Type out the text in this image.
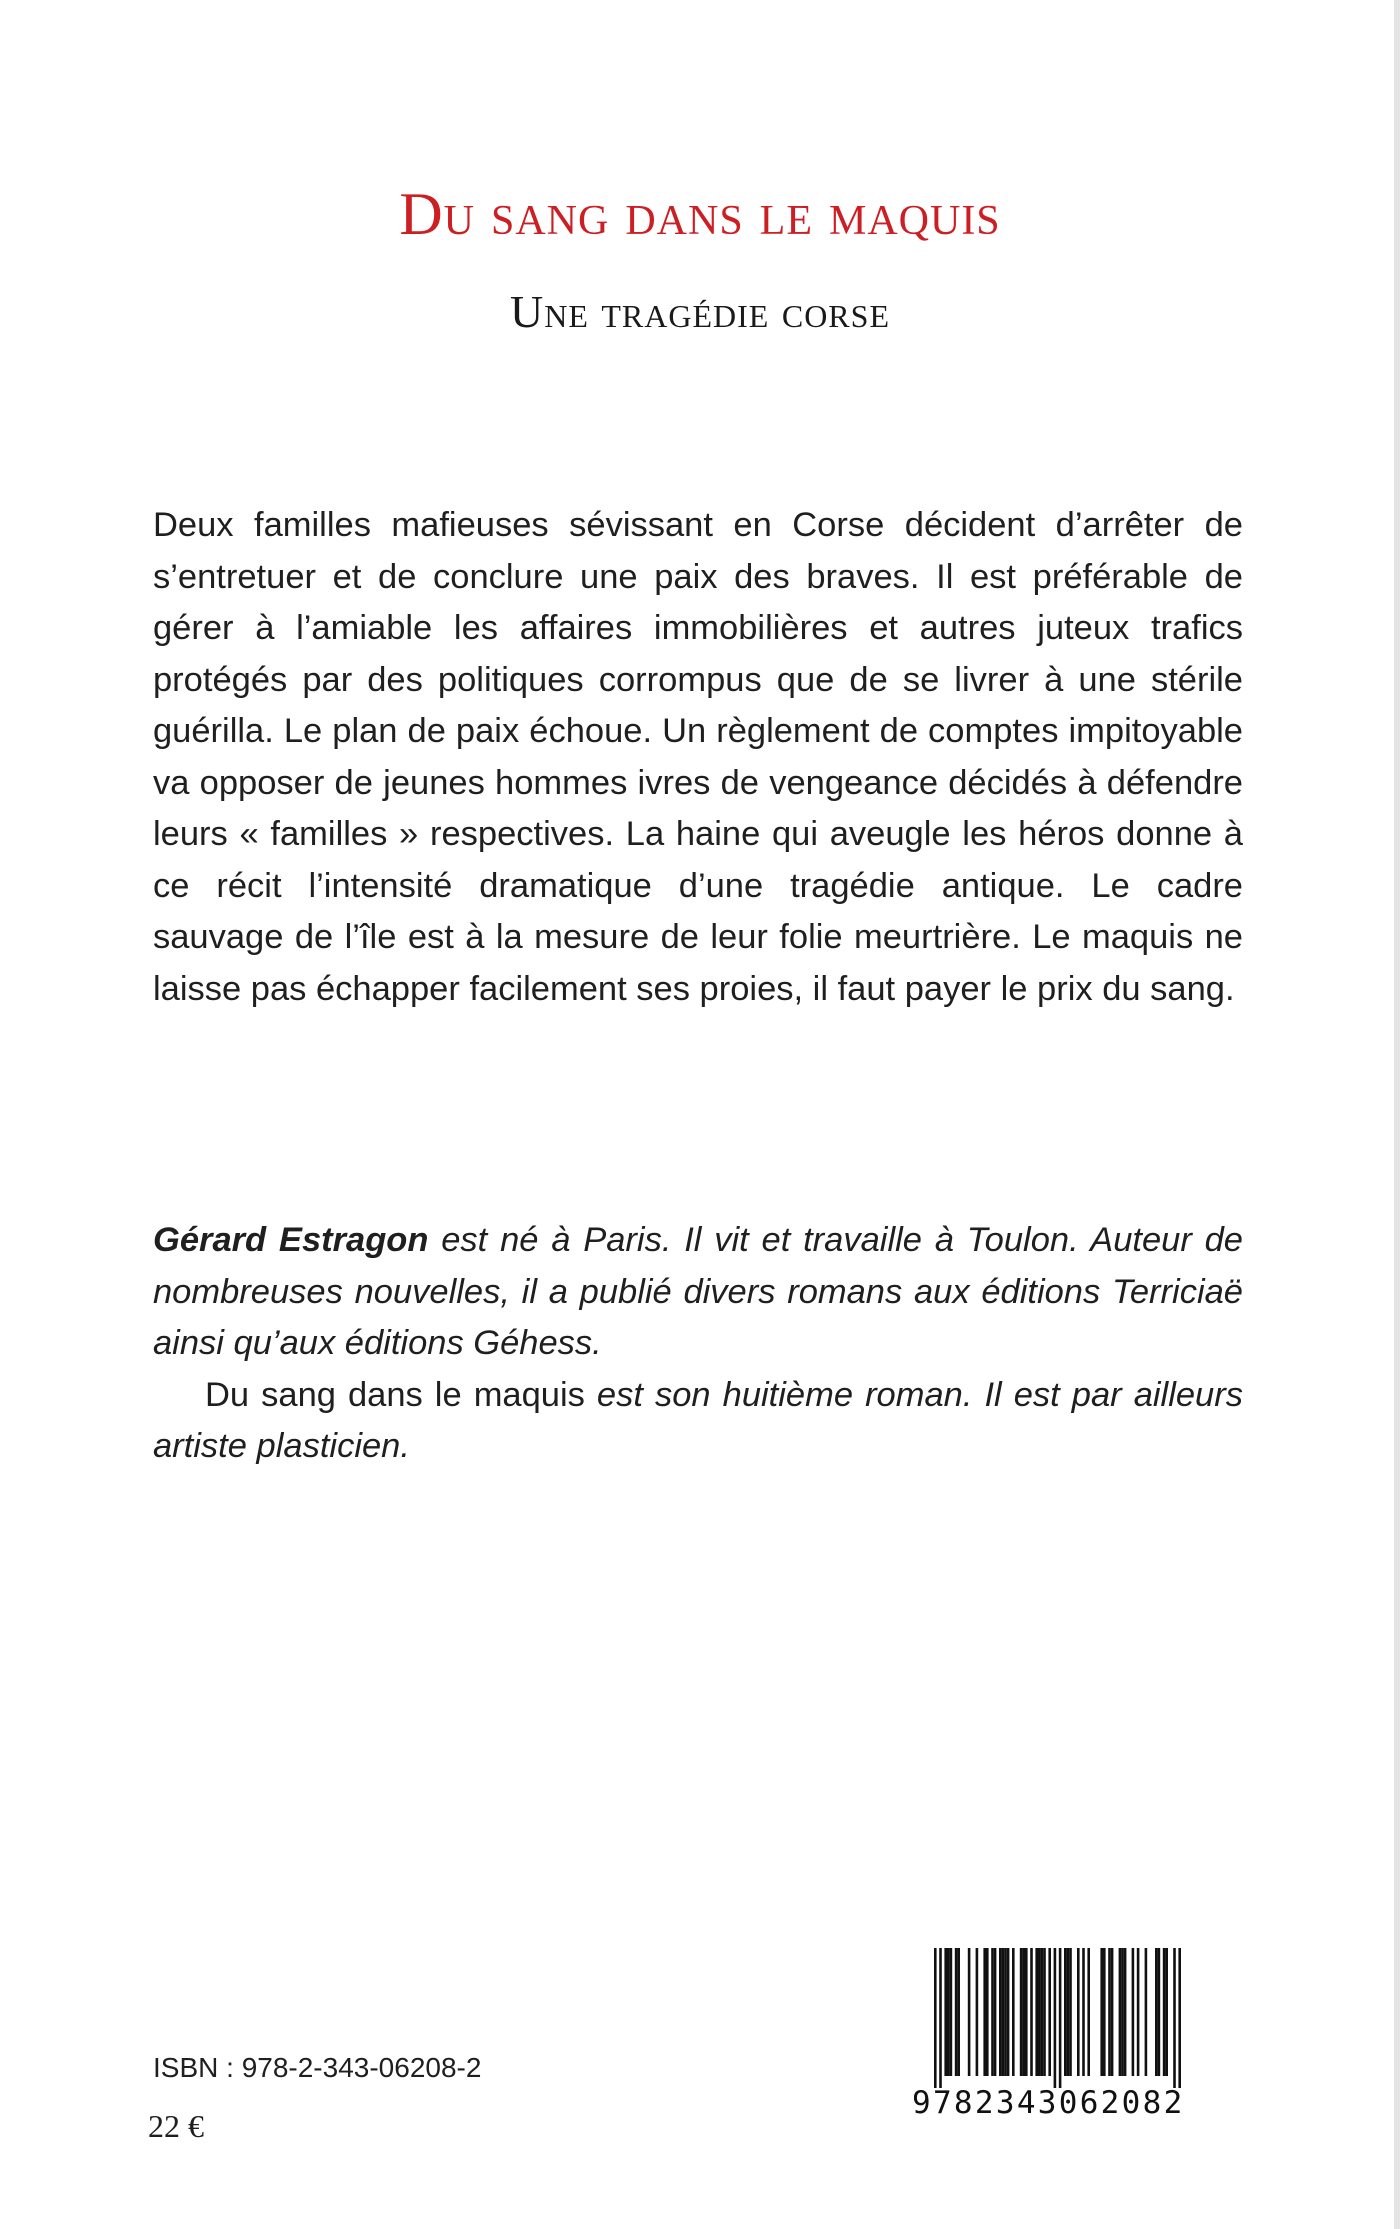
Du sang dans le maquis
Une tragédie corse

Deux familles mafieuses sévissant en Corse décident d’arrêter de s’entretuer et de conclure une paix des braves. Il est préférable de gérer à l’amiable les affaires immobilières et autres juteux trafics protégés par des politiques corrompus que de se livrer à une stérile guérilla. Le plan de paix échoue. Un règlement de comptes impitoyable va opposer de jeunes hommes ivres de vengeance décidés à défendre leurs « familles » respectives. La haine qui aveugle les héros donne à ce récit l’intensité dramatique d’une tragédie antique. Le cadre sauvage de l’île est à la mesure de leur folie meurtrière. Le maquis ne laisse pas échapper facilement ses proies, il faut payer le prix du sang.

Gérard Estragon est né à Paris. Il vit et travaille à Toulon. Auteur de nombreuses nouvelles, il a publié divers romans aux éditions Terriciaë ainsi qu’aux éditions Géhess.

Du sang dans le maquis est son huitième roman. Il est par ailleurs artiste plasticien.

ISBN : 978-2-343-06208-2
22 €
9782343062082
